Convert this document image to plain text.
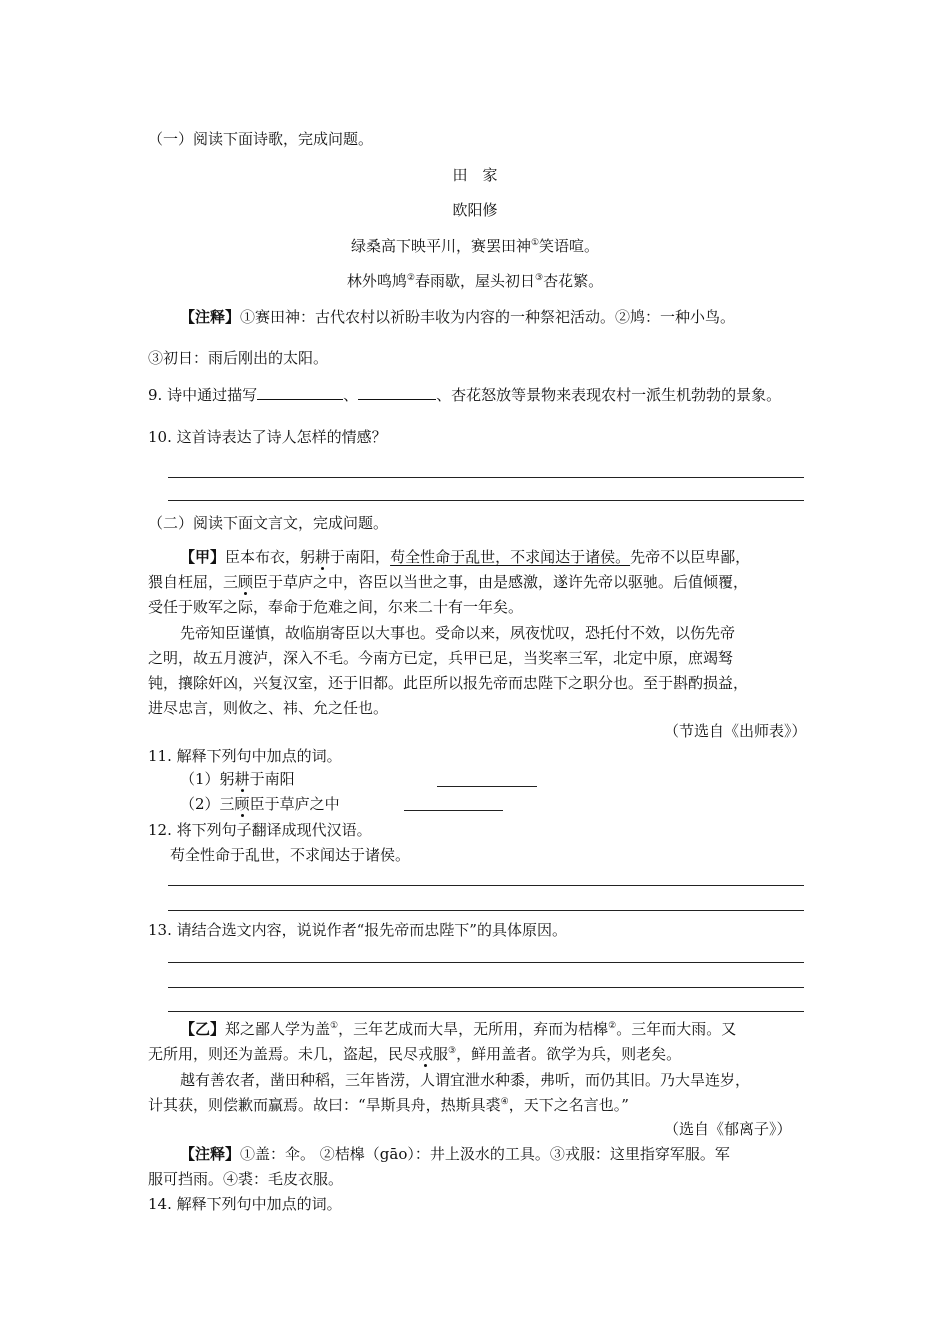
（一）阅读下面诗歌，完成问题。
田　家
欧阳修
绿桑高下映平川，赛罢田神①笑语喧。
林外鸣鸠②春雨歇，屋头初日③杏花繁。
【注释】①赛田神：古代农村以祈盼丰收为内容的一种祭祀活动。②鸠：一种小鸟。
③初日：雨后刚出的太阳。
9. 诗中通过描写	、	、杏花怒放等景物来表现农村一派生机勃勃的景象。
10. 这首诗表达了诗人怎样的情感？
（二）阅读下面文言文，完成问题。
【甲】臣本布衣，躬耕于南阳，苟全性命于乱世，不求闻达于诸侯。先帝不以臣卑鄙，
猥自枉屈，三顾臣于草庐之中，咨臣以当世之事，由是感激，遂许先帝以驱驰。后值倾覆，
受任于败军之际，奉命于危难之间，尔来二十有一年矣。
先帝知臣谨慎，故临崩寄臣以大事也。受命以来，夙夜忧叹，恐托付不效，以伤先帝
之明，故五月渡泸，深入不毛。今南方已定，兵甲已足，当奖率三军，北定中原，庶竭驽
钝，攘除奸凶，兴复汉室，还于旧都。此臣所以报先帝而忠陛下之职分也。至于斟酌损益，
进尽忠言，则攸之、祎、允之任也。
（节选自《出师表》）
11. 解释下列句中加点的词。
（1）躬耕于南阳
（2）三顾臣于草庐之中
12. 将下列句子翻译成现代汉语。
苟全性命于乱世，不求闻达于诸侯。
13. 请结合选文内容，说说作者“报先帝而忠陛下”的具体原因。
【乙】郑之鄙人学为盖①，三年艺成而大旱，无所用，弃而为桔槔②。三年而大雨。又
无所用，则还为盖焉。未几，盗起，民尽戎服③，鲜用盖者。欲学为兵，则老矣。
越有善农者，凿田种稻，三年皆涝，人谓宜泄水种黍，弗听，而仍其旧。乃大旱连岁，
计其获，则偿歉而赢焉。故曰：“旱斯具舟，热斯具裘④，天下之名言也。”
（选自《郁离子》）
【注释】①盖：伞。 ②桔槔（gāo）：井上汲水的工具。③戎服：这里指穿军服。军
服可挡雨。④裘：毛皮衣服。
14. 解释下列句中加点的词。
